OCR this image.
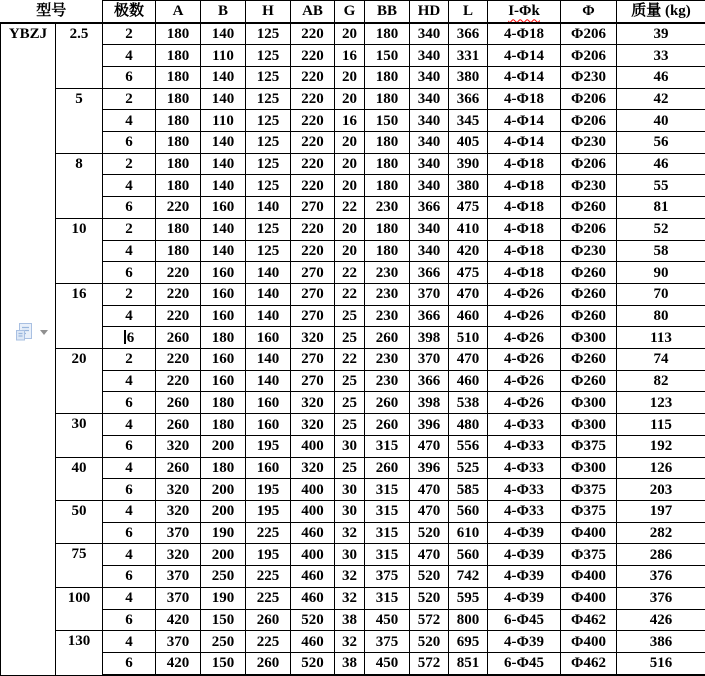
型号		极数	A	B	H	AB	G	BB	HD	L	I-Φk	Φ	质量 (kg)
YBZJ	2.5	2	180	140	125	220	20	180	340	366	4-Φ18	Φ206	39
		4	180	110	125	220	16	150	340	331	4-Φ14	Φ206	33
		6	180	140	125	220	20	180	340	380	4-Φ14	Φ230	46
	5	2	180	140	125	220	20	180	340	366	4-Φ18	Φ206	42
		4	180	110	125	220	16	150	340	345	4-Φ14	Φ206	40
		6	180	140	125	220	20	180	340	405	4-Φ14	Φ230	56
	8	2	180	140	125	220	20	180	340	390	4-Φ18	Φ206	46
		4	180	140	125	220	20	180	340	380	4-Φ18	Φ230	55
		6	220	160	140	270	22	230	366	475	4-Φ18	Φ260	81
	10	2	180	140	125	220	20	180	340	410	4-Φ18	Φ206	52
		4	180	140	125	220	20	180	340	420	4-Φ18	Φ230	58
		6	220	160	140	270	22	230	366	475	4-Φ18	Φ260	90
	16	2	220	160	140	270	22	230	370	470	4-Φ26	Φ260	70
		4	220	160	140	270	25	230	366	460	4-Φ26	Φ260	80
		6	260	180	160	320	25	260	398	510	4-Φ26	Φ300	113
	20	2	220	160	140	270	22	230	370	470	4-Φ26	Φ260	74
		4	220	160	140	270	25	230	366	460	4-Φ26	Φ260	82
		6	260	180	160	320	25	260	398	538	4-Φ26	Φ300	123
	30	4	260	180	160	320	25	260	396	480	4-Φ33	Φ300	115
		6	320	200	195	400	30	315	470	556	4-Φ33	Φ375	192
	40	4	260	180	160	320	25	260	396	525	4-Φ33	Φ300	126
		6	320	200	195	400	30	315	470	585	4-Φ33	Φ375	203
	50	4	320	200	195	400	30	315	470	560	4-Φ33	Φ375	197
		6	370	190	225	460	32	315	520	610	4-Φ39	Φ400	282
	75	4	320	200	195	400	30	315	470	560	4-Φ39	Φ375	286
		6	370	250	225	460	32	375	520	742	4-Φ39	Φ400	376
	100	4	370	190	225	460	32	315	520	595	4-Φ39	Φ400	376
		6	420	150	260	520	38	450	572	800	6-Φ45	Φ462	426
	130	4	370	250	225	460	32	375	520	695	4-Φ39	Φ400	386
		6	420	150	260	520	38	450	572	851	6-Φ45	Φ462	516
